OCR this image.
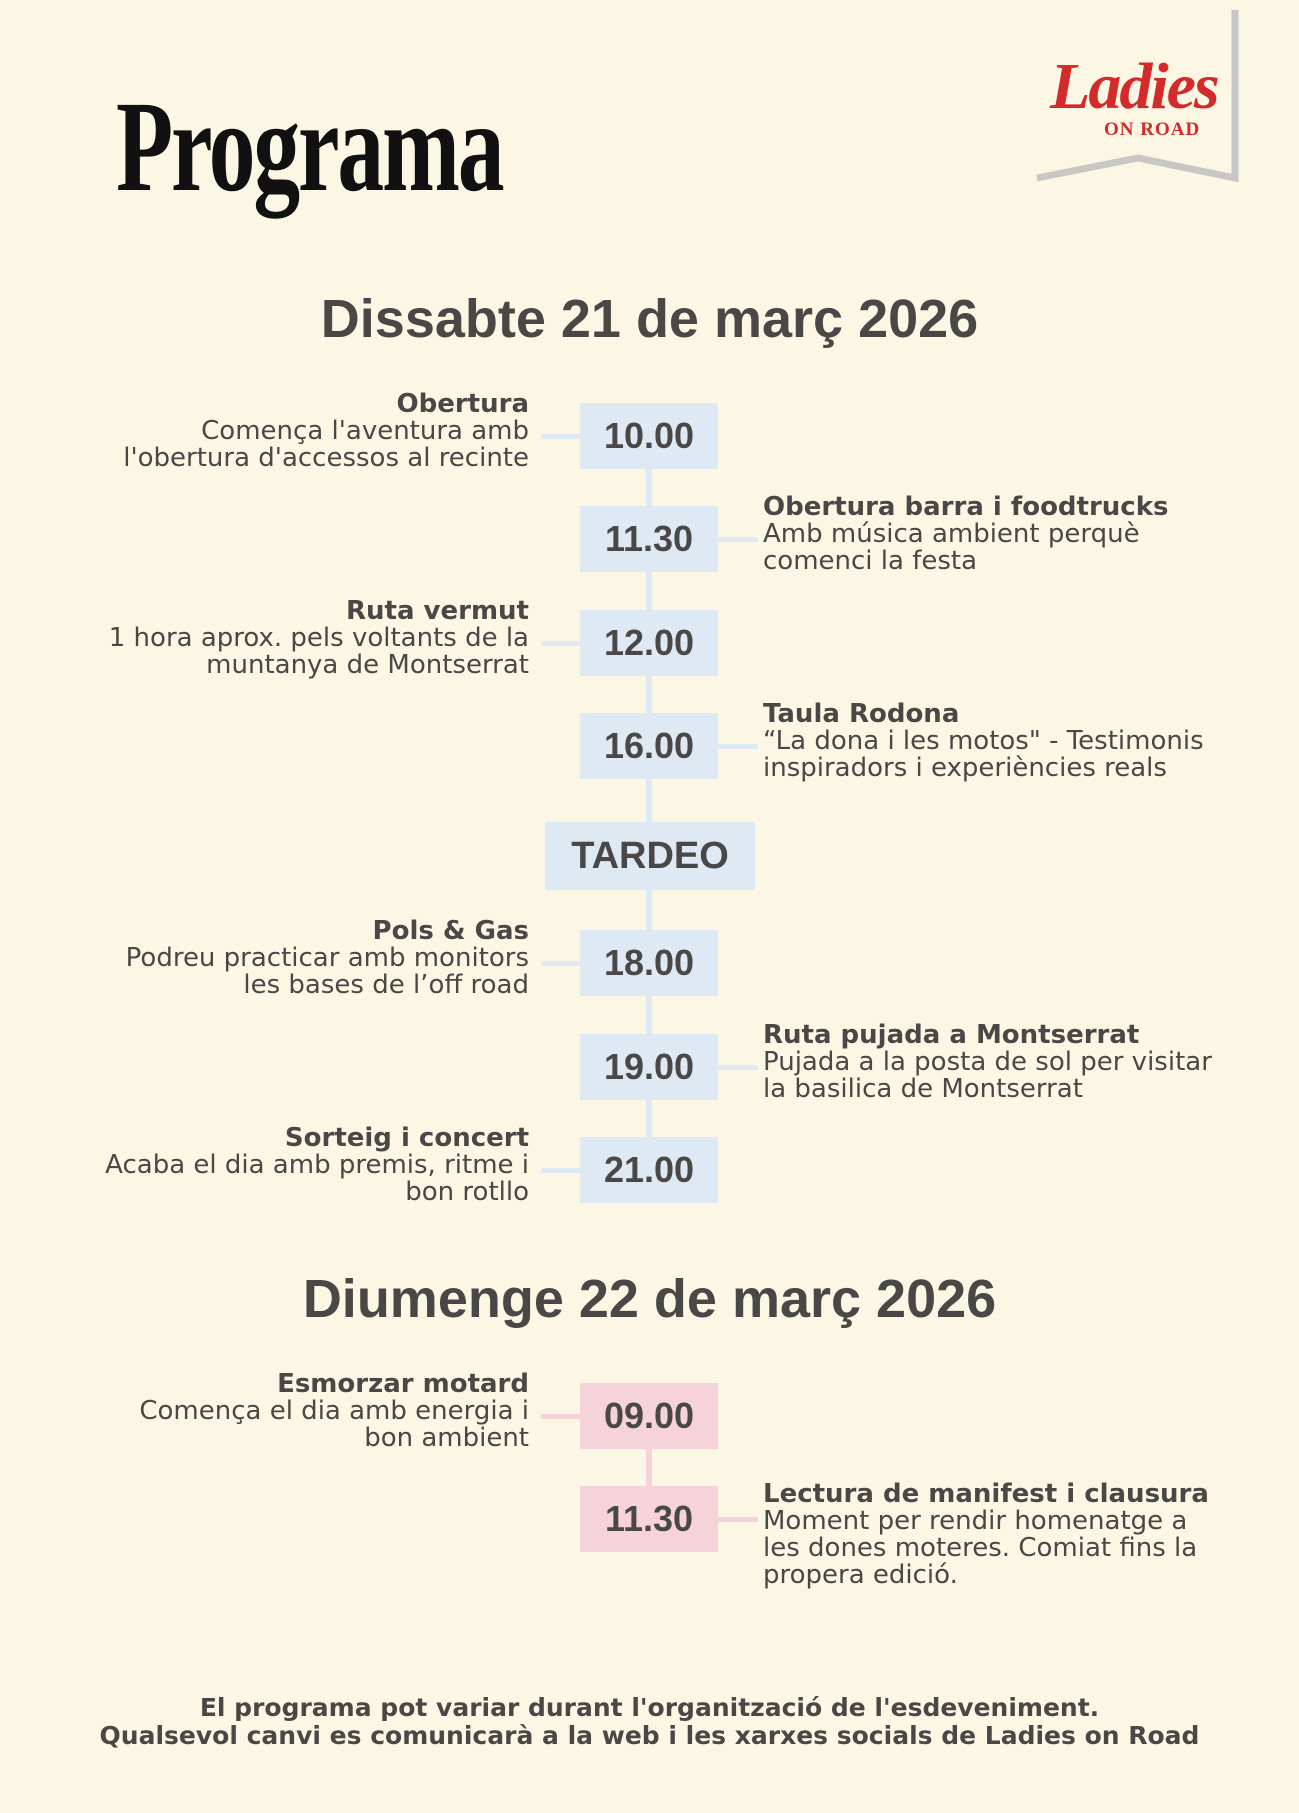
Programa	Ladies
ON ROAD
Dissabte 21 de març 2026
10.00
Obertura
Comença l'aventura amb
l'obertura d'accessos al recinte
11.30
Obertura barra i foodtrucks
Amb música ambient perquè
comenci la festa
12.00
Ruta vermut
1 hora aprox. pels voltants de la
muntanya de Montserrat
16.00
Taula Rodona
“La dona i les motos" - Testimonis
inspiradors i experiències reals
TARDEO
18.00
Pols & Gas
Podreu practicar amb monitors
les bases de l’off road
19.00
Ruta pujada a Montserrat
Pujada a la posta de sol per visitar
la basilica de Montserrat
21.00
Sorteig i concert
Acaba el dia amb premis, ritme i
bon rotllo
Diumenge 22 de març 2026
09.00
Esmorzar motard
Comença el dia amb energia i
bon ambient
11.30
Lectura de manifest i clausura
Moment per rendir homenatge a
les dones moteres. Comiat fins la
propera edició.
El programa pot variar durant l'organització de l'esdeveniment.
Qualsevol canvi es comunicarà a la web i les xarxes socials de Ladies on Road
